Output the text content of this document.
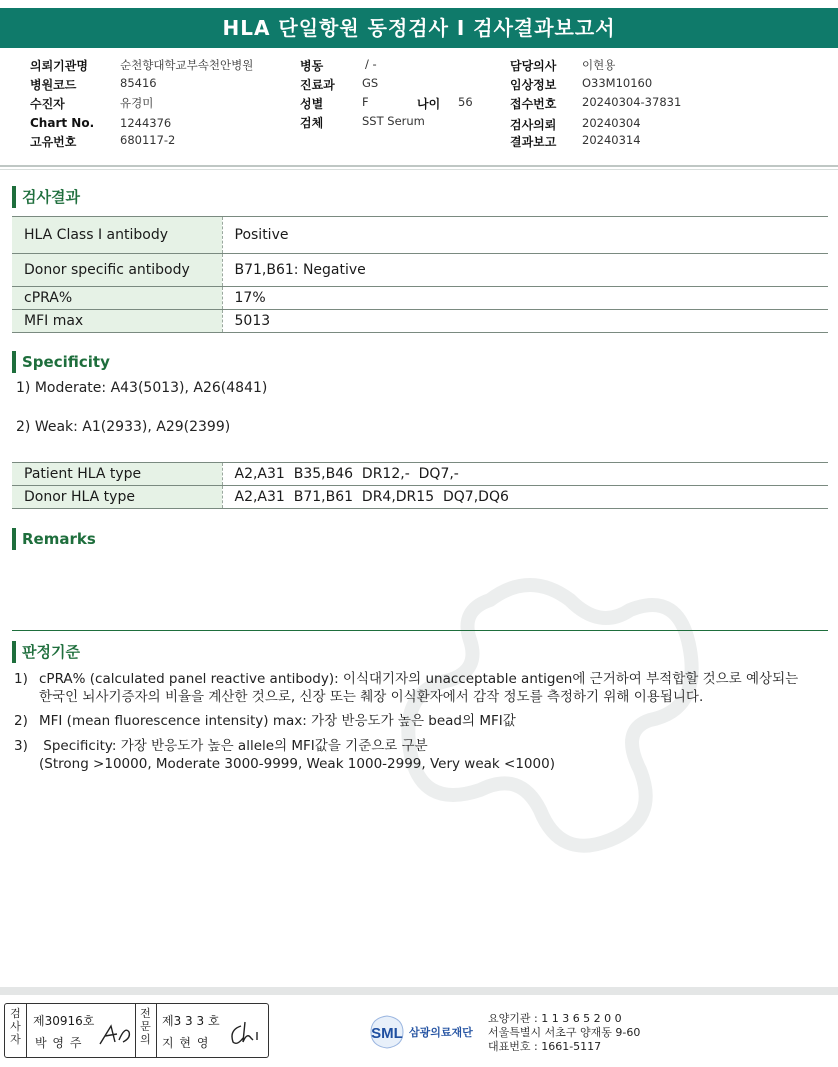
HLA 단일항원 동정검사 I 검사결과보고서
의뢰기관명	순천향대학교부속천안병원
병원코드	85416
수진자	유경미
Chart No. 1244376
고유번호	680117-2
병동	/ -
진료과 GS
성별	F	나이 56
검체	SST Serum
담당의사 이현용
임상정보 O33M10160
접수번호 20240304-37831
검사의뢰 20240304
결과보고 20240314
검사결과
HLA Class I antibody	Positive
Donor specific antibody	B71,B61: Negative
cPRA%	17%
MFI max	5013
Specificity
1) Moderate: A43(5013), A26(4841)
2) Weak: A1(2933), A29(2399)
Patient HLA type	A2,A31  B35,B46  DR12,-  DQ7,-
Donor HLA type	A2,A31  B71,B61  DR4,DR15  DQ7,DQ6
Remarks
판정기준
1) cPRA% (calculated panel reactive antibody): 이식대기자의 unacceptable antigen에 근거하여 부적합할 것으로 예상되는
한국인 뇌사기증자의 비율을 계산한 것으로, 신장 또는 췌장 이식환자에서 감작 정도를 측정하기 위해 이용됩니다.
2) MFI (mean fluorescence intensity) max: 가장 반응도가 높은 bead의 MFI값
3) Specificity: 가장 반응도가 높은 allele의 MFI값을 기준으로 구분
(Strong >10000, Moderate 3000-9999, Weak 1000-2999, Very weak <1000)
검사자
제30916호
박 영 주
전문의
제3 3 3 호
지 현 영
SML 삼광의료재단
요양기관 : 1 1 3 6 5 2 0 0
서울특별시 서초구 양재동 9-60
대표번호 : 1661-5117
